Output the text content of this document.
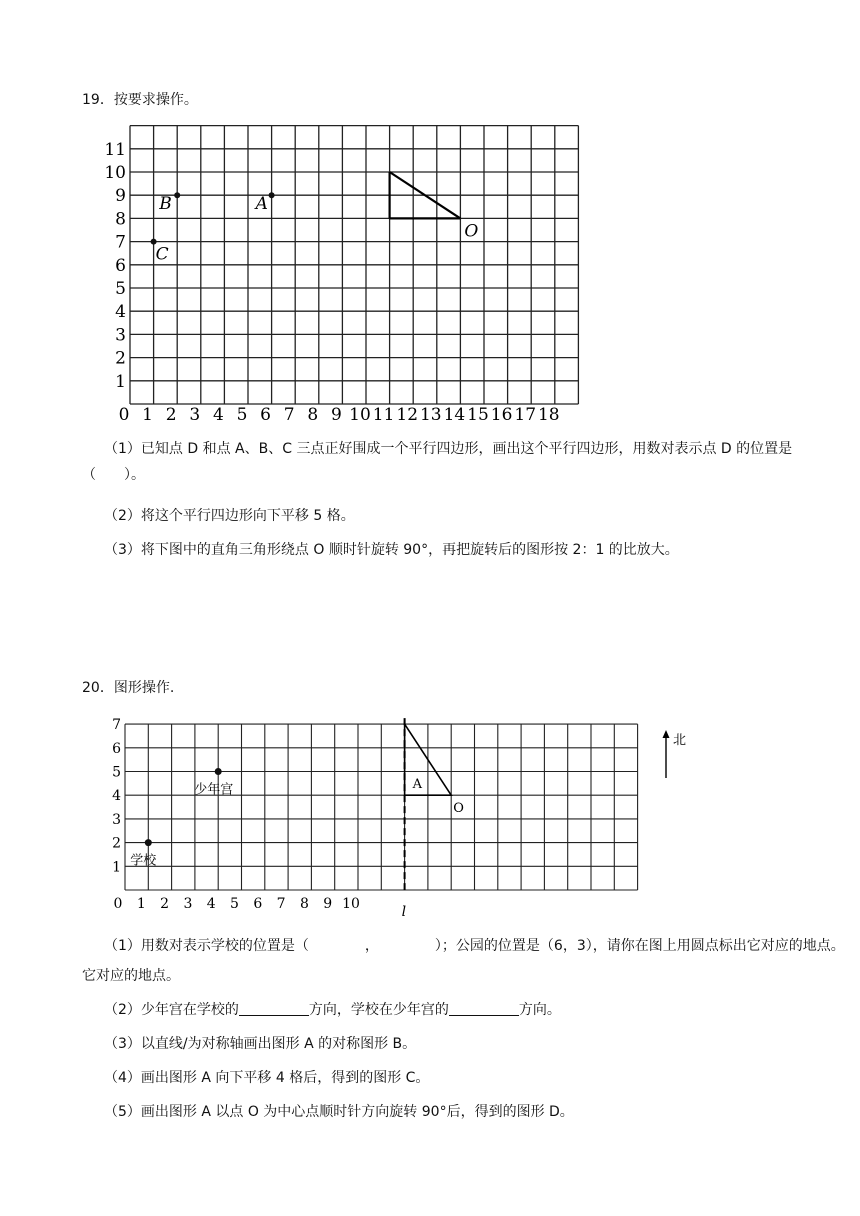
19．按要求操作。
0 1 2 3 4 5 6 7 8 9 10 11 12 13 14 15 16 17 18
1
2
3
4
5
6
7
8
9
10
11
A
B
C
O
（1）已知点 D 和点 A、B、C 三点正好围成一个平行四边形，画出这个平行四边形，用数对表示点 D 的位置是（　　）。
（2）将这个平行四边形向下平移 5 格。
（3）将下图中的直角三角形绕点 O 顺时针旋转 90°，再把旋转后的图形按 2：1 的比放大。
20．图形操作.
0 1 2 3 4 5 6 7 8 9 10
1
2
3
4
5
6
7
学校
少年宫
l
A
O
北
（1）用数对表示学校的位置是（	，	）；公园的位置是（6，3），请你在图上用圆点标出它对应的地点。
它对应的地点。
（2）少年宫在学校的	方向，学校在少年宫的	方向。
（3）以直线/为对称轴画出图形 A 的对称图形 B。
（4）画出图形 A 向下平移 4 格后，得到的图形 C。
（5）画出图形 A 以点 O 为中心点顺时针方向旋转 90°后，得到的图形 D。
